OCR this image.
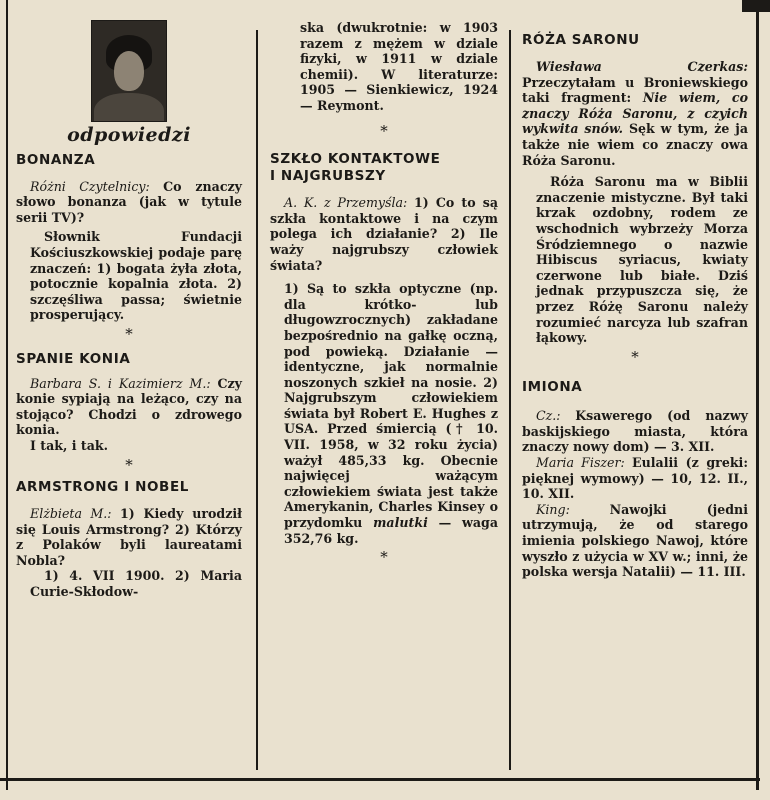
odpowiedzi

BONANZA

Różni Czytelnicy: Co znaczy słowo bonanza (jak w tytule serii TV)?

Słownik Fundacji Kościuszkowskiej podaje parę znaczeń: 1) bogata żyła złota, potocznie kopalnia złota. 2) szczęśliwa passa; świetnie prosperujący.

*

SPANIE KONIA

Barbara S. i Kazimierz M.: Czy konie sypiają na leżąco, czy na stojąco? Chodzi o zdrowego konia.

I tak, i tak.

*

ARMSTRONG I NOBEL

Elżbieta M.: 1) Kiedy urodził się Louis Armstrong? 2) Którzy z Polaków byli laureatami Nobla?

1) 4. VII 1900. 2) Maria Curie-Skłodow-

ska (dwukrotnie: w 1903 razem z mężem w dziale fizyki, w 1911 w dziale chemii). W literaturze: 1905 — Sienkiewicz, 1924 — Reymont.

*

SZKŁO KONTAKTOWE

I NAJGRUBSZY

A. K. z Przemyśla: 1) Co to są szkła kontaktowe i na czym polega ich działanie? 2) Ile waży najgrubszy człowiek świata?

1) Są to szkła optyczne (np. dla krótko- lub długowzrocznych) zakładane bezpośrednio na gałkę oczną, pod powieką. Działanie — identyczne, jak normalnie noszonych szkieł na nosie. 2) Najgrubszym człowiekiem świata był Robert E. Hughes z USA. Przed śmiercią († 10. VII. 1958, w 32 roku życia) ważył 485,33 kg. Obecnie najwięcej ważącym człowiekiem świata jest także Amerykanin, Charles Kinsey o przydomku malutki — waga 352,76 kg.

*

RÓŻA SARONU

Wiesława Czerkas: Przeczytałam u Broniewskiego taki fragment: Nie wiem, co znaczy Róża Saronu, z czyich wykwita snów. Sęk w tym, że ja także nie wiem co znaczy owa Róża Saronu.

Róża Saronu ma w Biblii znaczenie mistyczne. Był taki krzak ozdobny, rodem ze wschodnich wybrzeży Morza Śródziemnego o nazwie Hibiscus syriacus, kwiaty czerwone lub białe. Dziś jednak przypuszcza się, że przez Różę Saronu należy rozumieć narcyza lub szafran łąkowy.

*

IMIONA

Cz.: Ksawerego (od nazwy baskijskiego miasta, która znaczy nowy dom) — 3. XII.

Maria Fiszer: Eulalii (z greki: pięknej wymowy) — 10, 12. II., 10. XII.

King:	Nawojki (jedni utrzymują, że od starego imienia polskiego Nawoj, które wyszło z użycia w XV w.; inni, że polska wersja Natalii) — 11. III.
